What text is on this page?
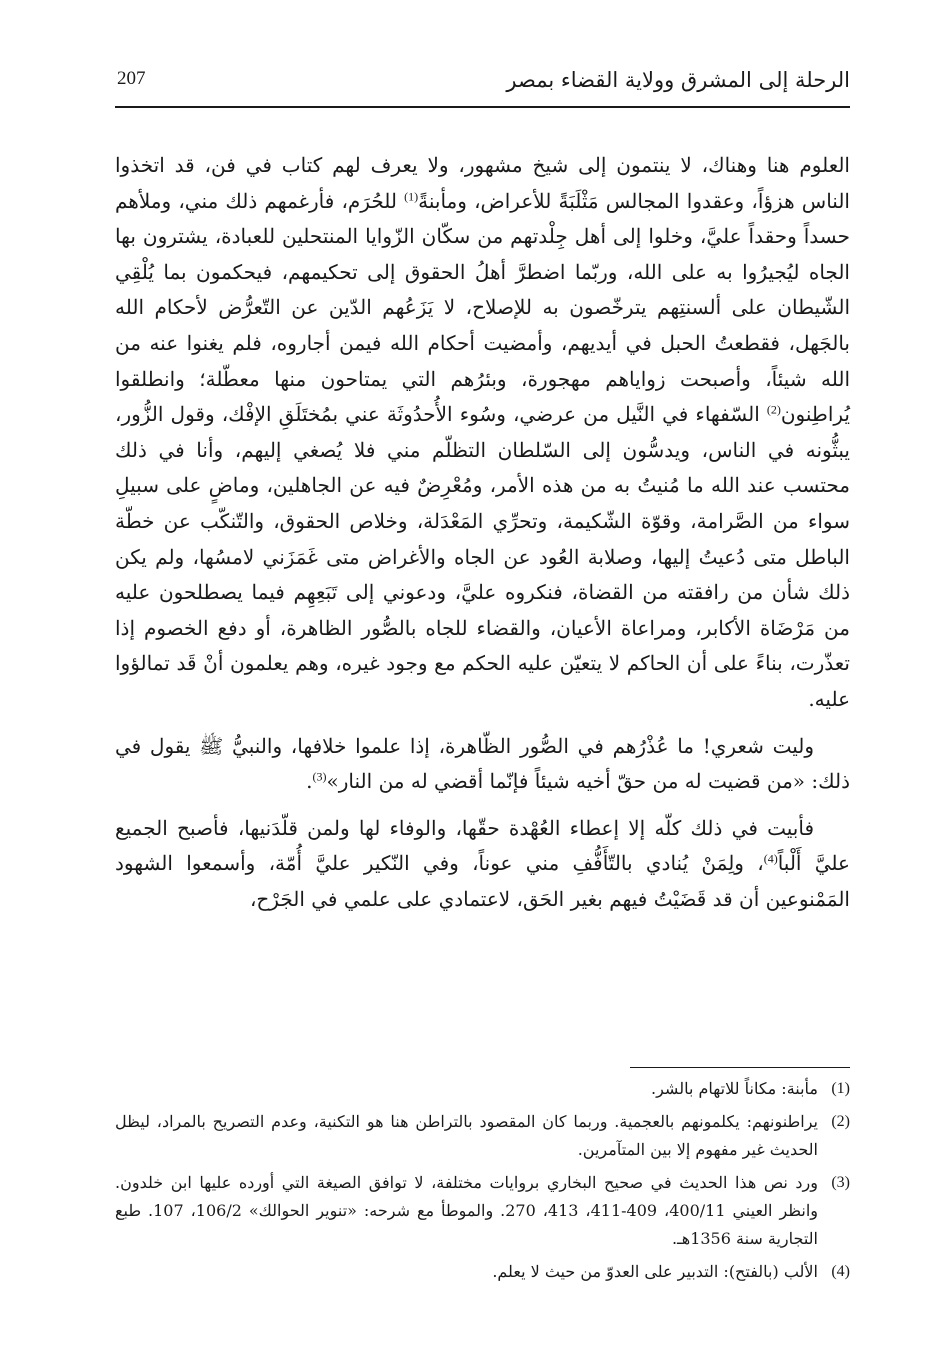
الرحلة إلى المشرق وولاية القضاء بمصر
207

العلوم هنا وهناك، لا ينتمون إلى شيخ مشهور، ولا يعرف لهم كتاب في فن، قد اتخذوا الناس هزؤاً، وعقدوا المجالس مَثْلَبَةً للأعراض، ومأبنةً$^{(1)}$ للحُرَم، فأرغمهم ذلك مني، وملأهم حسداً وحقداً عليَّ، وخلوا إلى أهل جِلْدتهم من سكّان الزّوايا المنتحلين للعبادة، يشترون بها الجاه ليُجيرُوا به على الله، وربّما اضطرَّ أهلُ الحقوق إلى تحكيمهم، فيحكمون بما يُلْقِي الشّيطان على ألسنتِهم يترخّصون به للإصلاح، لا يَزَعُهم الدّين عن التّعرُّض لأحكام الله بالجَهل، فقطعتُ الحبل في أيديهم، وأمضيت أحكام الله فيمن أجاروه، فلم يغنوا عنه من الله شيئاً، وأصبحت زواياهم مهجورة، وبئرُهم التي يمتاحون منها معطّلة؛ وانطلقوا يُراطِنون$^{(2)}$ السّفهاء في النَّيل من عرضي، وسُوء الأُحدُوثَة عني بمُختَلَقِ الإفْك، وقول الزُّور، يبثُّونه في الناس، ويدسُّون إلى السّلطان التظلّم مني فلا يُصغي إليهم، وأنا في ذلك محتسب عند الله ما مُنيتُ به من هذه الأمر، ومُعْرِضٌ فيه عن الجاهلين، وماضٍ على سبيلِ سواء من الصَّرامة، وقوّة الشّكيمة، وتحرِّي المَعْدَلة، وخلاص الحقوق، والتّنكّب عن خطّة الباطل متى دُعيتُ إليها، وصلابة العُود عن الجاه والأغراض متى غَمَزَني لامسُها، ولم يكن ذلك شأن من رافقته من القضاة، فنكروه عليَّ، ودعوني إلى تَبَعِهِم فيما يصطلحون عليه من مَرْضَاة الأكابر، ومراعاة الأعيان، والقضاء للجاه بالصُّور الظاهرة، أو دفع الخصوم إذا تعذّرت، بناءً على أن الحاكم لا يتعيّن عليه الحكم مع وجود غيره، وهم يعلمون أنْ قَد تمالؤوا عليه.

وليت شعري! ما عُذْرُهم في الصُّور الظّاهرة، إذا علموا خلافها، والنبيُّ ﷺ يقول في ذلك: «من قضيت له من حقّ أخيه شيئاً فإنّما أقضي له من النار»$^{(3)}$.

فأبيت في ذلك كلّه إلا إعطاء العُهْدة حقّها، والوفاء لها ولمن قلّدَنيها، فأصبح الجميع عليَّ أَلْباً$^{(4)}$، ولِمَنْ يُنادي بالتّأَفُّفِ مني عوناً، وفي النّكير عليَّ أُمّة، وأسمعوا الشهود المَمْنوعين أن قد قَضَيْتُ فيهم بغير الحَق، لاعتمادي على علمي في الجَرْح،

(1)
مأبنة: مكاناً للاتهام بالشر.
(2)
يراطنونهم: يكلمونهم بالعجمية. وربما كان المقصود بالتراطن هنا هو التكنية، وعدم التصريح بالمراد، ليظل الحديث غير مفهوم إلا بين المتآمرين.
(3)
ورد نص هذا الحديث في صحيح البخاري بروايات مختلفة، لا توافق الصيغة التي أورده عليها ابن خلدون. وانظر العيني 400/11، 409-411، 413، 270. والموطأ مع شرحه: «تنوير الحوالك» 106/2، 107. طبع التجارية سنة 1356هـ.
(4)
الألب (بالفتح): التدبير على العدوّ من حيث لا يعلم.
